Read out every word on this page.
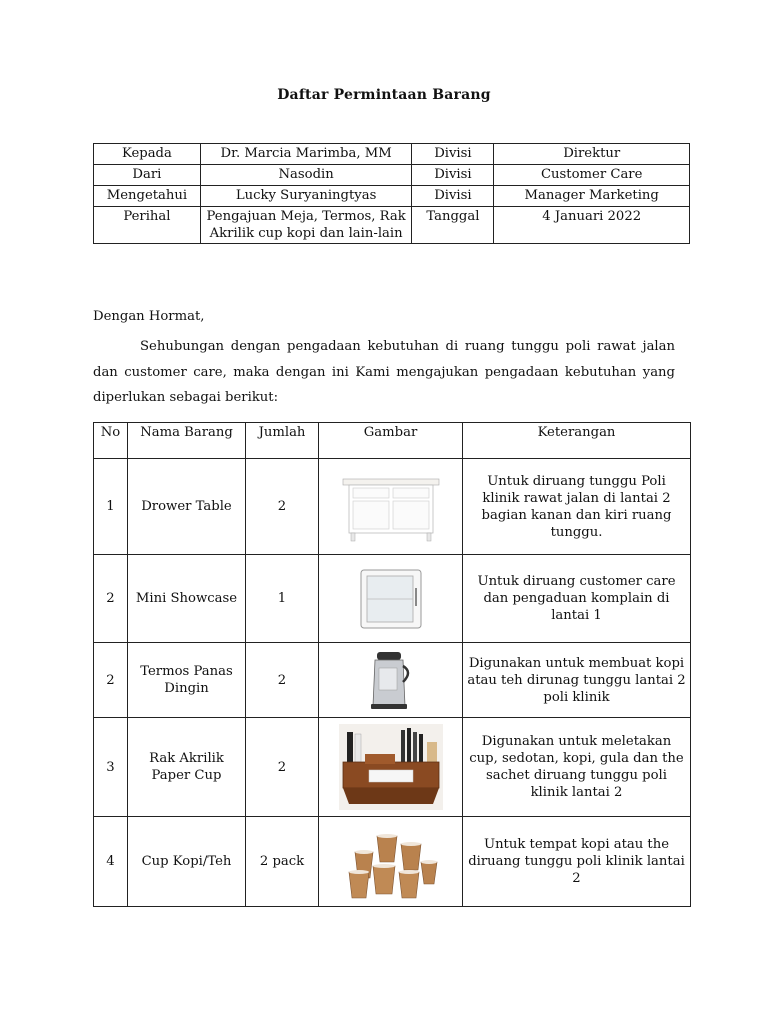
Daftar Permintaan Barang
Kepada	Dr. Marcia Marimba, MM	Divisi	Direktur
Dari	Nasodin	Divisi	Customer Care
Mengetahui	Lucky Suryaningtyas	Divisi	Manager Marketing
Perihal	Pengajuan Meja, Termos, Rak Akrilik cup kopi dan lain-lain	Tanggal	4 Januari 2022
Dengan Hormat,

Sehubungan dengan pengadaan kebutuhan di ruang tunggu poli rawat jalan dan customer care, maka dengan ini Kami mengajukan pengadaan kebutuhan yang diperlukan sebagai berikut:

No	Nama Barang	Jumlah	Gambar	Keterangan
1	Drower Table	2		Untuk diruang tunggu Poli klinik rawat jalan di lantai 2 bagian kanan dan kiri ruang tunggu.
2	Mini Showcase	1		Untuk diruang customer care dan pengaduan komplain di lantai 1
2	Termos Panas Dingin	2		Digunakan untuk membuat kopi atau teh dirunag tunggu lantai 2 poli klinik
3	Rak Akrilik Paper Cup	2		Digunakan untuk meletakan cup, sedotan, kopi, gula dan the sachet diruang tunggu poli klinik lantai 2
4	Cup Kopi/Teh	2 pack		Untuk tempat kopi atau the diruang tunggu poli klinik lantai 2
